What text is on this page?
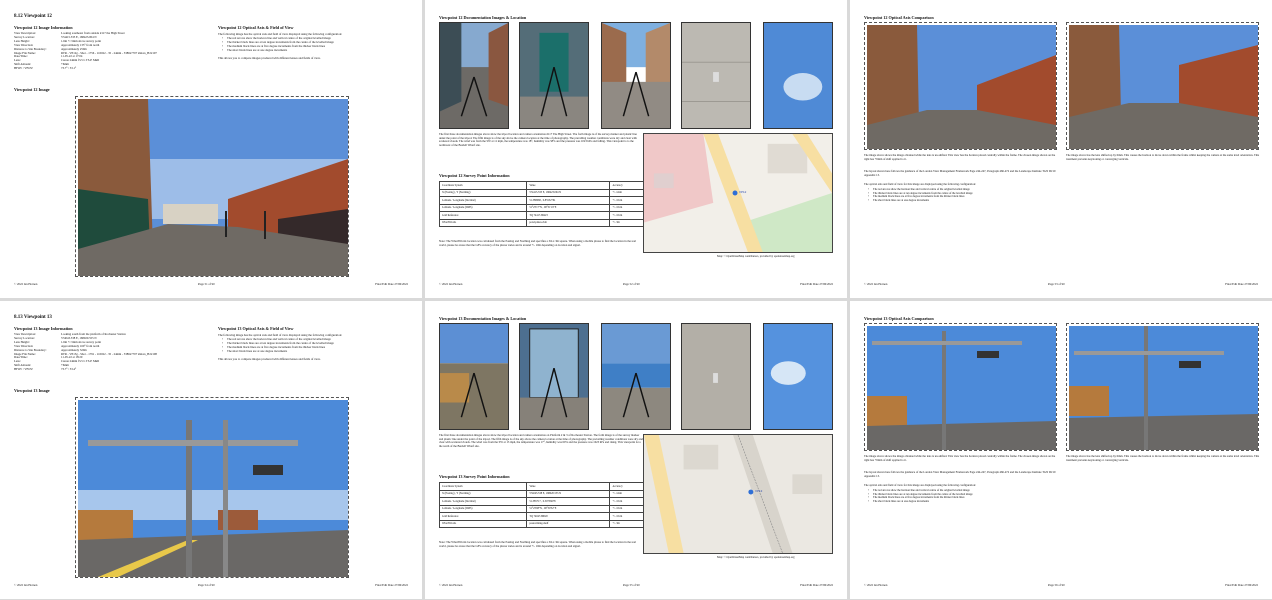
8.12 Viewpoint 12
Viewpoint 12 Image Information
View Description:	Looking southeast from outside #117 the High Street
Survey Location:	574415.333 E, 168423.004 N
Lens Height:	1.6m +/-5mm above survey point
View Direction:	Approximately 135° from north
Distance to Site Boundary:	Approximately 250m
Image File Name:	RVR - VP12g - Shot - 1756 - 110022 - 35 - 24mm - 5386x7707 #shots_H22107
Date/Time:	11-05-22 at 17:04
Lens:	Canon 24mm f3.5 L TS-E MkII
Shift Amount:	+6mm
HFOV / VFOV:	73.7° / 53.1°
Viewpoint 12 Optical Axis & Field of View
The following image has the optical axis and field of view displayed using the following configuration:
• The red arrows show the horizon line and vertical centre of the original levelled image
• The thicker black lines are at ten degree increments from the centre of the levelled image
• The medium black lines are at five degree increments from the thicker black lines
• The short black lines are at one degree increments
This allows you to compare images produced with different lenses and fields of view.
Viewpoint 12 Image
© 2022 Ian Hornen	Page 51 of 90	Final Edit Date 27/06/2022
Viewpoint 12 Documentation Images & Location
The first three documentation images above show the tripod location and camera orientation #117 The High Street. The forth image is of the survey marker and plastic line under the point of the tripod. The fifth image is of the sky above the camera location at the time of photography. The prevailing weather conditions were dry and clear with scattered clouds. The wind was from the SW at 11 mph, the temperature was 18°, humidity was 58% and the pressure was 1023 hPa and falling. This viewpoint is to the northwest of the Bardell Wharf site.
Viewpoint 12 Survey Point Information
Coordinate System	Value	Accuracy
X (Easting) , Y (Northing)	574415.333 E, 168423.004 N	+/- 1mm
Latitude / Longitude (Decimal)	51.388068 , 0.85532761	+/- 10cm
Latitude / Longitude (DMS)	51°23'17"N , 00°51'19"E	+/- 10cm
Grid Reference	TQ 74415 68423	+/- 10cm
What3Words	pond.plates.club	+/- 3m
Note: The What3Words location was calculated from the Easting and Northing and specifies a 3m x 3m square. When using a mobile phone to find the location in the real world, please be aware that the GPS accuracy of the phone varies and is around +/- 10m depending on location and signal.
VP12
Map: © OpenStreetMap contributors, provided by openstreetmap.org
© 2022 Ian Hornen	Page 52 of 90	Final Edit Date 27/06/2022
Viewpoint 12 Optical Axis Comparison
The image above shows the image obtained while the lens is un-shifted. This view has the horizon placed centrally within the frame. The chosen image shown on the right has +6mm of shift applied to it.
The layout shown here follows the guidance of the London View Management Framework Page 244-247, Paragraph 466-472 and the Landscape Institute TGN 06/19 Appendix 13.
The optical axis and field of view for this image are displayed using the following configuration:
• The red arrows show the horizon line and vertical centre of the original levelled image
• The thicker black lines are at ten degree increments from the centre of the levelled image
• The medium black lines are at five degree increments from the thicker black lines
• The short black lines are at one degree increments
The image above has the lens shifted up by 6mm. This causes the horizon to move down within the frame whilst keeping the camera at the same level orientation. This treatment prevents keystoning or converging verticals.
© 2022 Ian Hornen	Page 53 of 90	Final Edit Date 27/06/2022
8.13 Viewpoint 13
Viewpoint 13 Image Information
View Description:	Looking south from the platform of Rochester Station
Survey Location:	574043.538 E, 168020.555 N
Lens Height:	1.6m +/-5mm above survey point
View Direction:	Approximately 160° from north
Distance to Site Boundary:	Approximately 320m
Image File Name:	RVR - VP13g - Shot - 1791 - 110022 - 35 - 24mm - 5386x7707 #shots_H22108
Date/Time:	11-05-22 at 18:20
Lens:	Canon 24mm f3.5 L TS-E MkII
Shift Amount:	+6mm
HFOV / VFOV:	73.7° / 53.4°
Viewpoint 13 Optical Axis & Field of View
The following image has the optical axis and field of view displayed using the following configuration:
• The red arrows show the horizon line and vertical centre of the original levelled image
• The thicker black lines are at ten degree increments from the centre of the levelled image
• The medium black lines are at five degree increments from the thicker black lines
• The short black lines are at one degree increments
This allows you to compare images produced with different lenses and fields of view.
Viewpoint 13 Image
© 2022 Ian Hornen	Page 54 of 90	Final Edit Date 27/06/2022
Viewpoint 13 Documentation Images & Location
The first three documentation images above show the tripod location and camera orientation on Platform 2 & 3 of Rochester Station. The forth image is of the survey marker and plastic line under the point of the tripod. The fifth image is of the sky above the camera location at the time of photography. The prevailing weather conditions were dry and clear with scattered clouds. The wind was from the SW at 13 mph, the temperature was 17°, humidity was 60% and the pressure was 1023 hPa and rising. This viewpoint is to the north of the Bardell Wharf site.
Viewpoint 13 Survey Point Information
Coordinate System	Value	Accuracy
X (Easting) , Y (Northing)	574043.538 E, 168020.555 N	+/- 1mm
Latitude / Longitude (Decimal)	51.385717 , 0.50756678	+/- 10cm
Latitude / Longitude (DMS)	51°23'08"N , 00°50'32"E	+/- 10cm
Grid Reference	TQ 74043 68020	+/- 10cm
What3Words	paste.timing.shelf	+/- 3m
Note: The What3Words location was calculated from the Easting and Northing and specifies a 3m x 3m square. When using a mobile phone to find the location in the real world, please be aware that the GPS accuracy of the phone varies and is around +/- 10m depending on location and signal.
VP13
Map: © OpenStreetMap contributors, provided by openstreetmap.org
© 2022 Ian Hornen	Page 55 of 90	Final Edit Date 27/06/2022
Viewpoint 13 Optical Axis Comparison
The image above shows the image obtained while the lens is un-shifted. This view has the horizon placed centrally within the frame. The chosen image shown on the right has +6mm of shift applied to it.
The layout shown here follows the guidance of the London View Management Framework Page 244-247, Paragraph 466-472 and the Landscape Institute TGN 06/19 Appendix 13.
The optical axis and field of view for this image are displayed using the following configuration:
• The red arrows show the horizon line and vertical centre of the original levelled image
• The thicker black lines are at ten degree increments from the centre of the levelled image
• The medium black lines are at five degree increments from the thicker black lines
• The short black lines are at one degree increments
The image above has the lens shifted up by 6mm. This causes the horizon to move down within the frame whilst keeping the camera at the same level orientation. This treatment prevents keystoning or converging verticals.
© 2022 Ian Hornen	Page 56 of 90	Final Edit Date 27/06/2022
